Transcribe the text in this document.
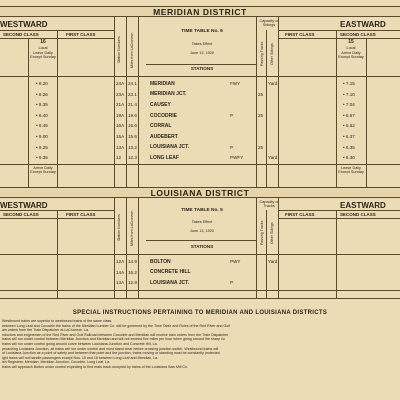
MERIDIAN DISTRICT
WESTWARD	EASTWARD
SECOND CLASS	FIRST CLASS	FIRST CLASS	SECOND CLASS
16
Local
Leave Daily Except Sunday
15
Local
Arrive Daily Except Sunday
Station Numbers	Miles from LaCroneon
TIME TABLE No. 6
Takes Effect
June 13, 1920
STATIONS
Capacity of Sidings
Passing Tracks Other Sidings
• 8.20	24A 24.1	MERIDIAN	FWY	Yard	• 7.15
• 8.26	23A 23.1	MERIDIAN JCT.	25	• 7.10
• 8.35	21A 21.4	CAUSEY	• 7.04
• 8.40	19A 19.6	COCODRIE	P	25	• 6.57
• 8.45	16A 16.6	CORRAL	• 6.52
• 9.00	15A 15.6	AUDEBERT	• 6.37
• 9.25	13A 13.2	LOUISIANA JCT.	P	25	• 6.35
• 9.35	12 12.3	LONG LEAF	PWFY	Yard	• 6.30
Arrive Daily Except Sunday
Leave Daily Except Sunday
LOUISIANA DISTRICT
WESTWARD	EASTWARD
SECOND CLASS	FIRST CLASS	FIRST CLASS	SECOND CLASS
Station Numbers	Miles from LaCroneon	TIME TABLE No. 5
Takes Effect
June 13, 1920
STATIONS
Capacity of Tracks
Passing Tracks Other Sidings
12A 14.9	BOLTON	PWY	Yard
14A 16.2	CONCRETE HILL
13A 12.8	LOUISIANA JCT.	P
SPECIAL INSTRUCTIONS PERTAINING TO MERIDIAN AND LOUISIANA DISTRICTS
Westbound trains are superior to westbound trains of the same class.
between Long Leaf and Cocodrie the trains of the Meridian Lumber Co. will be governed by the Time Table and Rules of the Red River and Gulf
ain orders from the Train Dispatcher at LaCroneon, La.
nductors and enginemen of the Red River and Gulf Railroad between Cocodrie and Meridian will receive train orders from the Train Dispatcher
trains will run under control between Meridian Junction and Meridian and will not exceed five miles per hour when going around the sharp cu
trains will run under control going around curve between Louisiana Junction and Concrete Hill, La.
proaching Louisiana Junction, all trains will run under control and must stand clear before crossing junction switch. Westbound trains will
of Louisiana Junction as a point of safety and between that point and the junction, trains moving or standing must be constantly protected
ight trains will not handle passengers except Nos. 15 and 16 between Long Leaf and Meridian, La.
ish Registers: Meridian, Meridian Junction, Cocodrie, Long Leaf, La.
trains will approach Bolton under control expecting to find mats track occupied by trains of the Louisiana Saw Mill Co.
